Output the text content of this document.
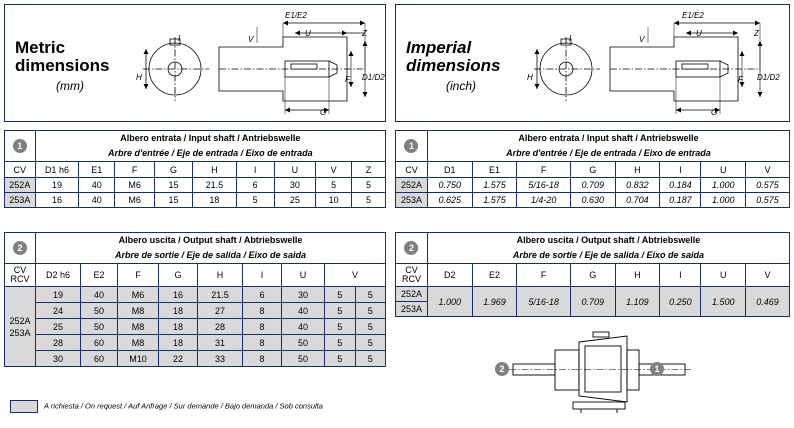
Metric
dimensions
(mm)
E1/E2
U	Z
V
I
H	F D1/D2
G
Imperial
dimensions
(inch)
E1/E2
U	Z
V
I
H	F D1/D2
G
1	Albero entrata / Input shaft / Antriebswelle								
	Arbre d'entrée / Eje de entrada / Eixo de entrada								
CV	D1 h6	E1	F	G	H	I	U	V	Z
252A	19	40	M6	15	21.5	6	30	5	5
253A	16	40	M6	15	18	5	25	10	5
1	Albero entrata / Input shaft / Antriebswelle							
	Arbre d'entrée / Eje de entrada / Eixo de entrada							
CV	D1	E1	F	G	H	I	U	V
252A	0.750	1.575	5/16-18	0.709	0.832	0.184	1.000	0.575
253A	0.625	1.575	1/4-20	0.630	0.704	0.187	1.000	0.575
2	Albero uscita / Output shaft / Abtriebswelle								
	Arbre de sortie / Eje de salida / Eixo de saida								
CV
RCV	D2 h6	E2	F	G	H	I	U	V	
252A
253A	19	40	M6	16	21.5	6	30	5	5
	24	50	M8	18	27	8	40	5	5
	25	50	M8	18	28	8	40	5	5
	28	60	M8	18	31	8	50	5	5
	30	60	M10	22	33	8	50	5	5
2	Albero uscita / Output shaft / Abtriebswelle							
	Arbre de sortie / Eje de salida / Eixo de saida							
CV
RCV	D2	E2	F	G	H	I	U	V
252A	1.000	1.969	5/16-18	0.709	1.109	0.250	1.500	0.469
253A								
2	1
A richiesta / On request / Auf Anfrage / Sur demande / Bajo demanda / Sob consulta
